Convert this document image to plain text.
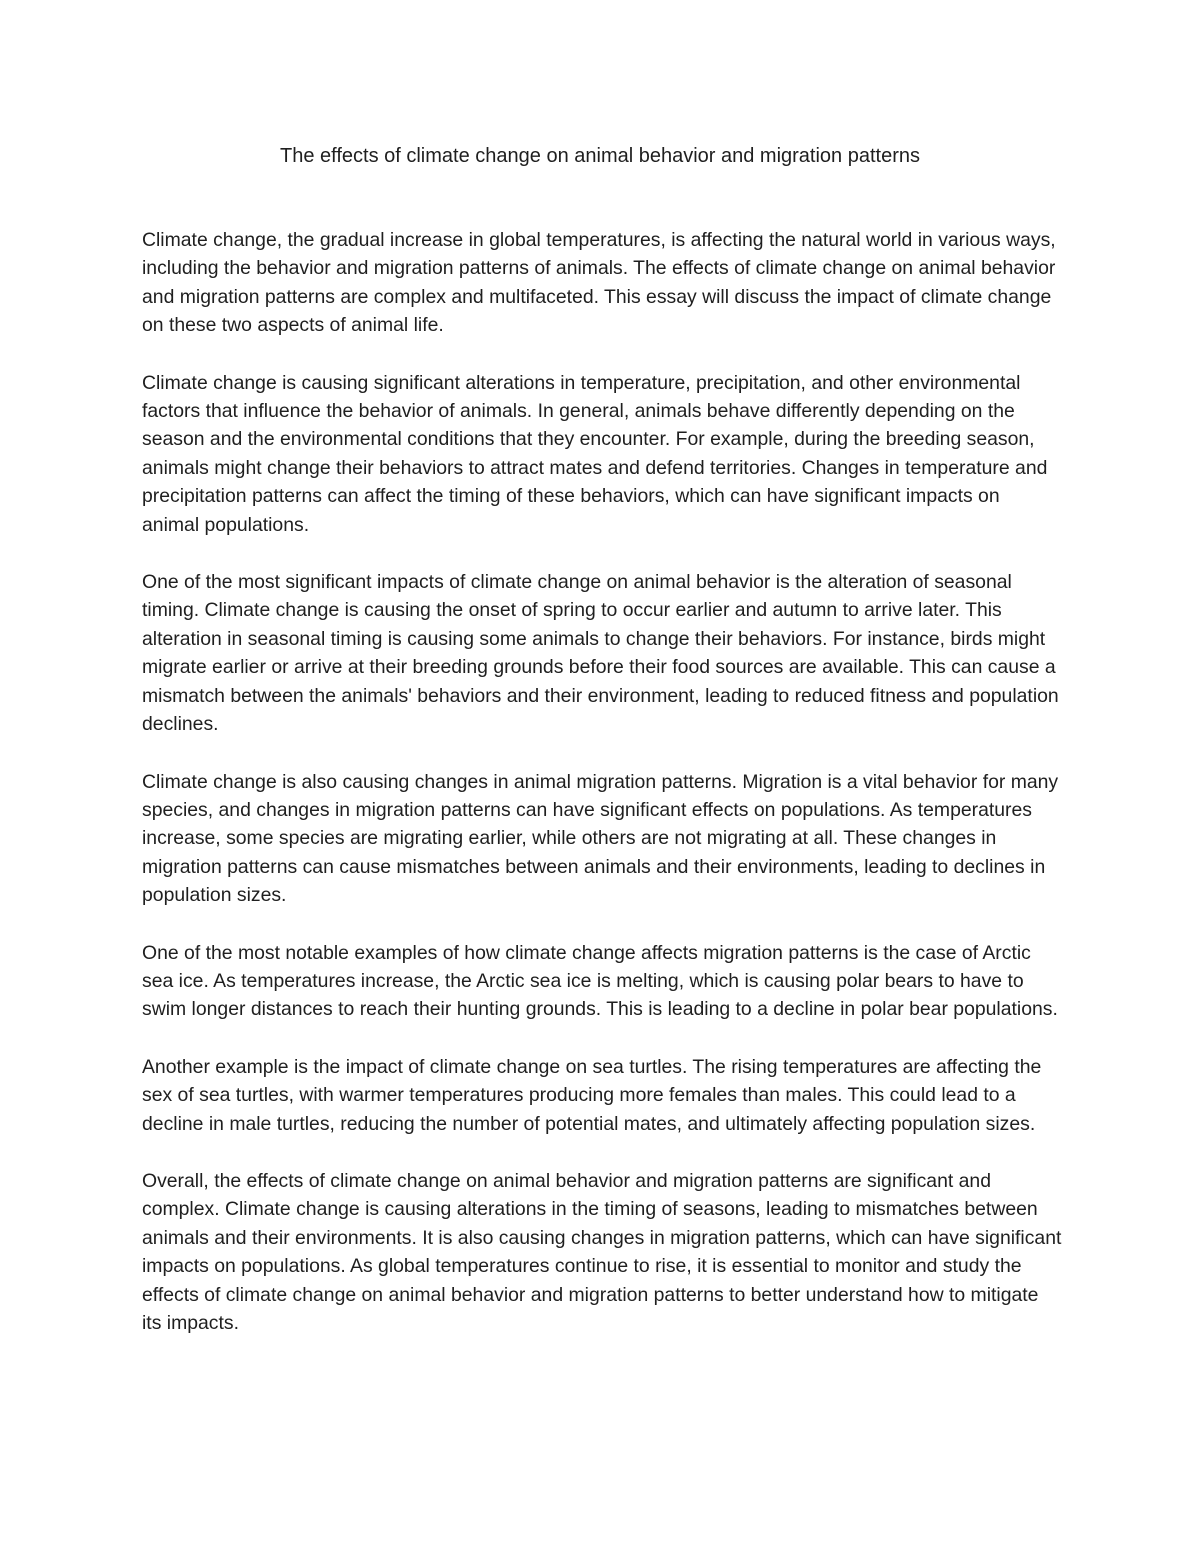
The effects of climate change on animal behavior and migration patterns

Climate change, the gradual increase in global temperatures, is affecting the natural world in various ways, including the behavior and migration patterns of animals. The effects of climate change on animal behavior and migration patterns are complex and multifaceted. This essay will discuss the impact of climate change on these two aspects of animal life.

Climate change is causing significant alterations in temperature, precipitation, and other environmental factors that influence the behavior of animals. In general, animals behave differently depending on the season and the environmental conditions that they encounter. For example, during the breeding season, animals might change their behaviors to attract mates and defend territories. Changes in temperature and precipitation patterns can affect the timing of these behaviors, which can have significant impacts on animal populations.

One of the most significant impacts of climate change on animal behavior is the alteration of seasonal timing. Climate change is causing the onset of spring to occur earlier and autumn to arrive later. This alteration in seasonal timing is causing some animals to change their behaviors. For instance, birds might migrate earlier or arrive at their breeding grounds before their food sources are available. This can cause a mismatch between the animals' behaviors and their environment, leading to reduced fitness and population declines.

Climate change is also causing changes in animal migration patterns. Migration is a vital behavior for many species, and changes in migration patterns can have significant effects on populations. As temperatures increase, some species are migrating earlier, while others are not migrating at all. These changes in migration patterns can cause mismatches between animals and their environments, leading to declines in population sizes.

One of the most notable examples of how climate change affects migration patterns is the case of Arctic sea ice. As temperatures increase, the Arctic sea ice is melting, which is causing polar bears to have to swim longer distances to reach their hunting grounds. This is leading to a decline in polar bear populations.

Another example is the impact of climate change on sea turtles. The rising temperatures are affecting the sex of sea turtles, with warmer temperatures producing more females than males. This could lead to a decline in male turtles, reducing the number of potential mates, and ultimately affecting population sizes.

Overall, the effects of climate change on animal behavior and migration patterns are significant and complex. Climate change is causing alterations in the timing of seasons, leading to mismatches between animals and their environments. It is also causing changes in migration patterns, which can have significant impacts on populations. As global temperatures continue to rise, it is essential to monitor and study the effects of climate change on animal behavior and migration patterns to better understand how to mitigate its impacts.
